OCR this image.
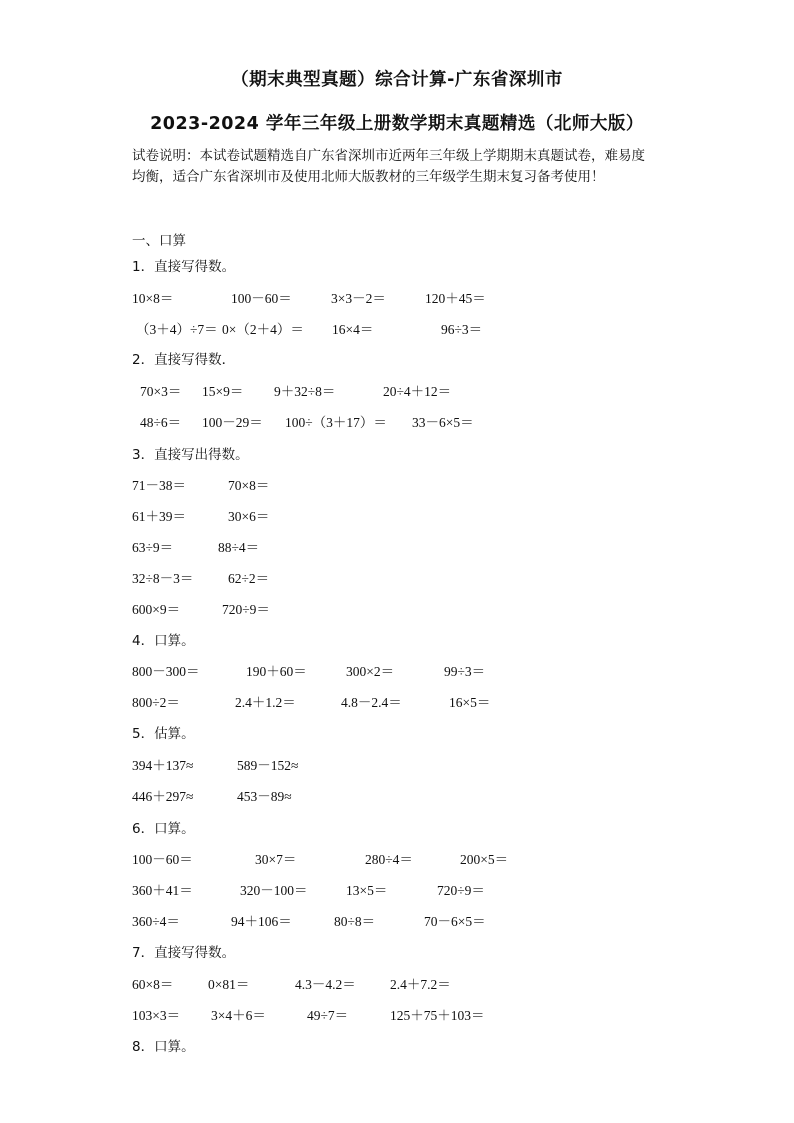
（期末典型真题）综合计算-广东省深圳市
2023-2024 学年三年级上册数学期末真题精选（北师大版）
试卷说明：本试卷试题精选自广东省深圳市近两年三年级上学期期末真题试卷，难易度
均衡，适合广东省深圳市及使用北师大版教材的三年级学生期末复习备考使用！
一、口算
1．直接写得数。
10×8＝	100－60＝	3×3－2＝	120＋45＝
（3＋4）÷7＝ 0×（2＋4）＝ 16×4＝	96÷3＝
2．直接写得数．
70×3＝ 15×9＝ 9＋32÷8＝	20÷4＋12＝
48÷6＝ 100－29＝ 100÷（3＋17）＝ 33－6×5＝
3．直接写出得数。
71－38＝	70×8＝
61＋39＝	30×6＝
63÷9＝	88÷4＝
32÷8－3＝	62÷2＝
600×9＝	720÷9＝
4．口算。
800－300＝	190＋60＝	300×2＝	99÷3＝
800÷2＝	2.4＋1.2＝	4.8－2.4＝	16×5＝
5．估算。
394＋137≈	589－152≈
446＋297≈	453－89≈
6．口算。
100－60＝	30×7＝	280÷4＝	200×5＝
360＋41＝	320－100＝	13×5＝	720÷9＝
360÷4＝	94＋106＝	80÷8＝	70－6×5＝
7．直接写得数。
60×8＝	0×81＝	4.3－4.2＝	2.4＋7.2＝
103×3＝ 3×4＋6＝	49÷7＝	125＋75＋103＝
8．口算。
